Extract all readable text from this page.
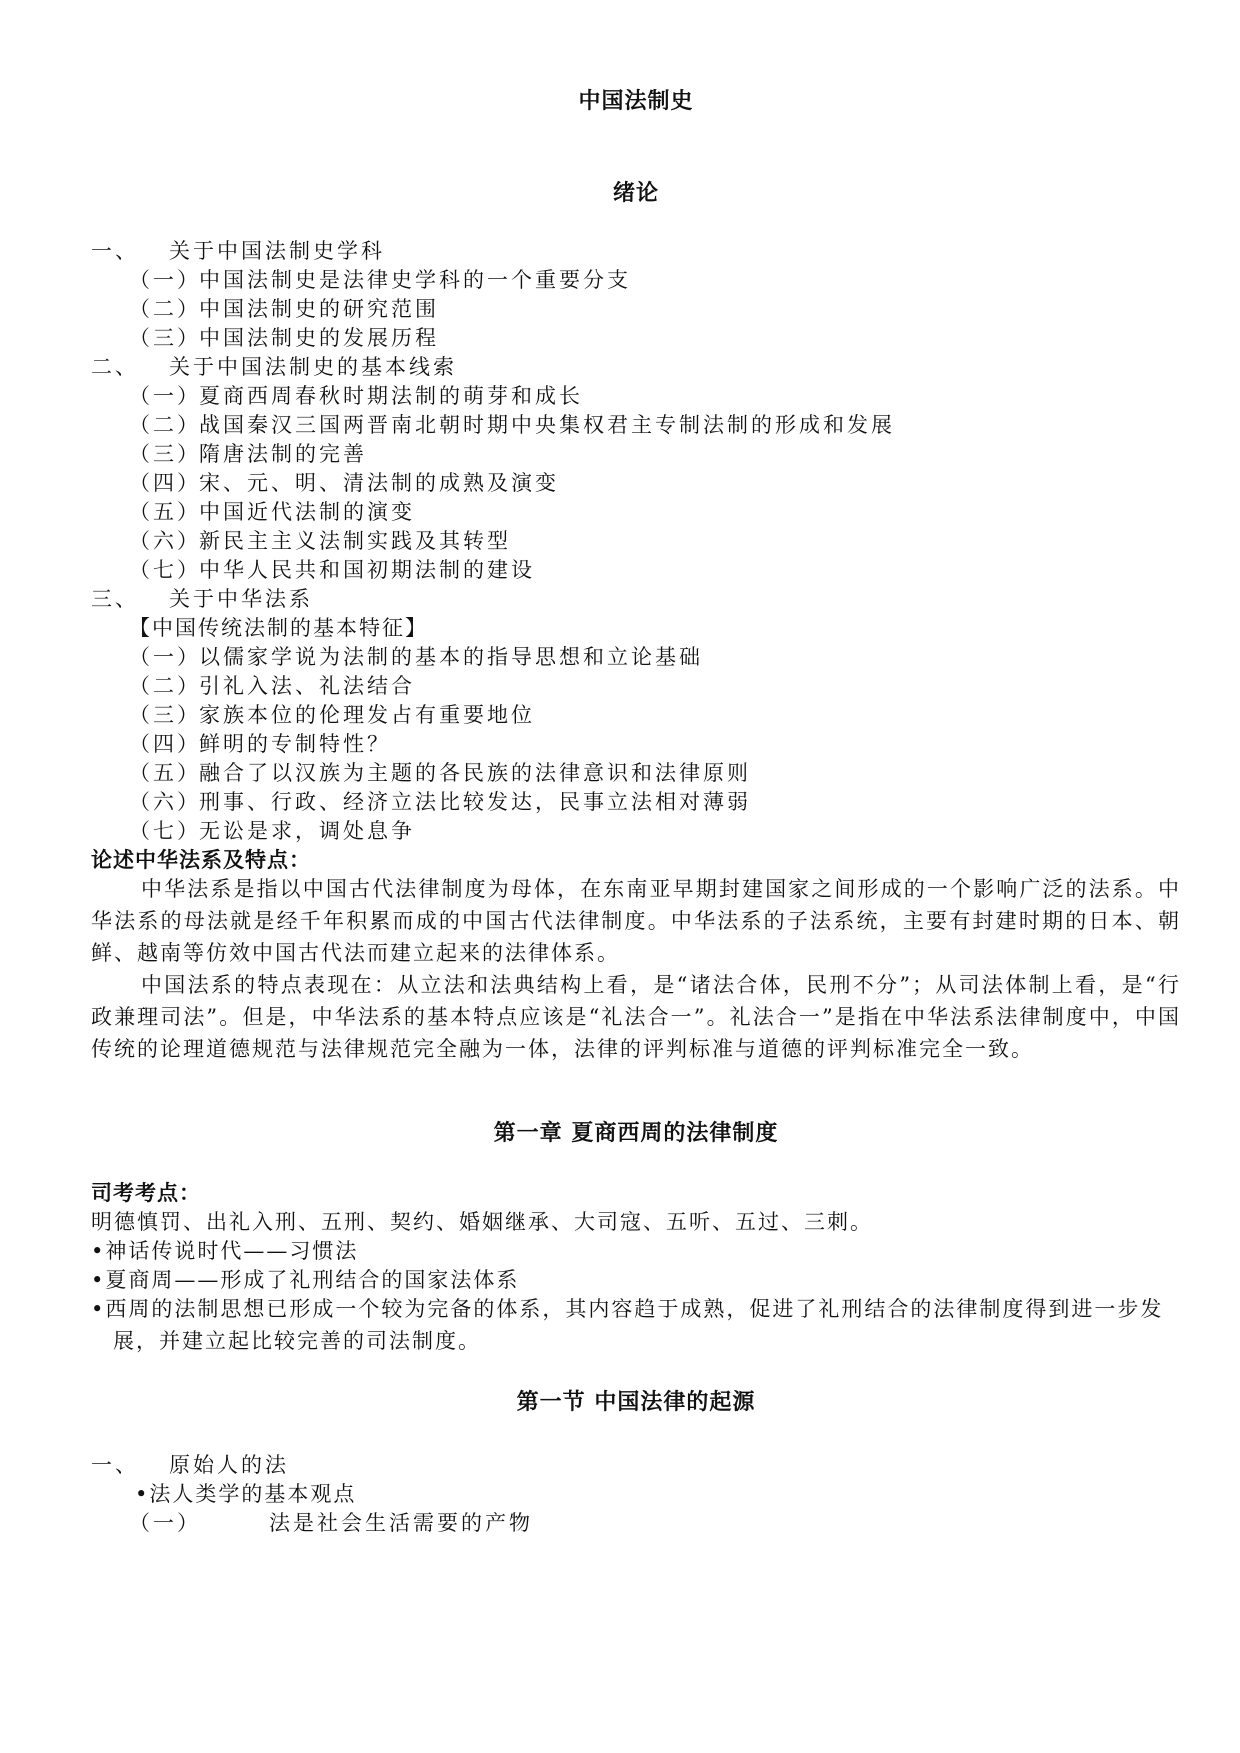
中国法制史
绪论
一、 关于中国法制史学科
（一）中国法制史是法律史学科的一个重要分支
（二）中国法制史的研究范围
（三）中国法制史的发展历程
二、 关于中国法制史的基本线索
（一）夏商西周春秋时期法制的萌芽和成长
（二）战国秦汉三国两晋南北朝时期中央集权君主专制法制的形成和发展
（三）隋唐法制的完善
（四）宋、元、明、清法制的成熟及演变
（五）中国近代法制的演变
（六）新民主主义法制实践及其转型
（七）中华人民共和国初期法制的建设
三、 关于中华法系
【中国传统法制的基本特征】
（一）以儒家学说为法制的基本的指导思想和立论基础
（二）引礼入法、礼法结合
（三）家族本位的伦理发占有重要地位
（四）鲜明的专制特性？
（五）融合了以汉族为主题的各民族的法律意识和法律原则
（六）刑事、行政、经济立法比较发达，民事立法相对薄弱
（七）无讼是求，调处息争
论述中华法系及特点：
中华法系是指以中国古代法律制度为母体，在东南亚早期封建国家之间形成的一个影响广泛的法系。中华法系的母法就是经千年积累而成的中国古代法律制度。中华法系的子法系统，主要有封建时期的日本、朝鲜、越南等仿效中国古代法而建立起来的法律体系。
中国法系的特点表现在：从立法和法典结构上看，是“诸法合体，民刑不分”；从司法体制上看，是“行政兼理司法”。但是，中华法系的基本特点应该是“礼法合一”。礼法合一”是指在中华法系法律制度中，中国传统的论理道德规范与法律规范完全融为一体，法律的评判标准与道德的评判标准完全一致。
第一章 夏商西周的法律制度
司考考点：
明德慎罚、出礼入刑、五刑、契约、婚姻继承、大司寇、五听、五过、三刺。
•神话传说时代——习惯法
•夏商周——形成了礼刑结合的国家法体系
•西周的法制思想已形成一个较为完备的体系，其内容趋于成熟，促进了礼刑结合的法律制度得到进一步发展，并建立起比较完善的司法制度。
第一节 中国法律的起源
一、 原始人的法
•法人类学的基本观点
（一）	法是社会生活需要的产物
